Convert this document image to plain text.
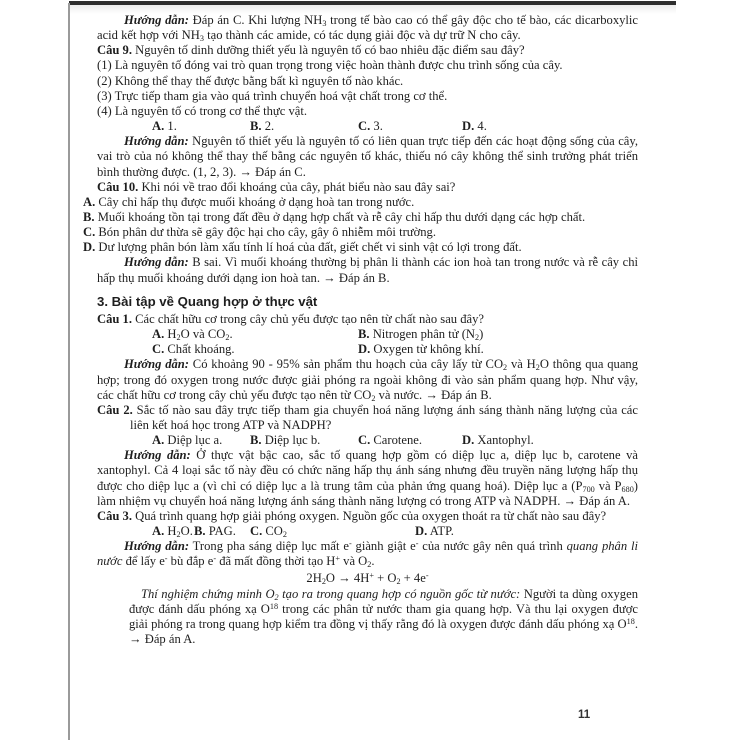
Hướng dẫn: Đáp án C. Khi lượng $NH_3$ trong tế bào cao có thể gây độc cho tế bào, các dicarboxylic acid kết hợp với $NH_3$ tạo thành các amide, có tác dụng giải độc và dự trữ N cho cây.
Câu 9. Nguyên tố dinh dưỡng thiết yếu là nguyên tố có bao nhiêu đặc điểm sau đây?
(1) Là nguyên tố đóng vai trò quan trọng trong việc hoàn thành được chu trình sống của cây.
(2) Không thể thay thế được bằng bất kì nguyên tố nào khác.
(3) Trực tiếp tham gia vào quá trình chuyển hoá vật chất trong cơ thể.
(4) Là nguyên tố có trong cơ thể thực vật.
A. 1.	B. 2.	C. 3.	D. 4.
Hướng dẫn: Nguyên tố thiết yếu là nguyên tố có liên quan trực tiếp đến các hoạt động sống của cây, vai trò của nó không thể thay thế bằng các nguyên tố khác, thiếu nó cây không thể sinh trưởng phát triển bình thường được. (1, 2, 3). → Đáp án C.
Câu 10. Khi nói về trao đổi khoáng của cây, phát biểu nào sau đây sai?
A. Cây chỉ hấp thụ được muối khoáng ở dạng hoà tan trong nước.
B. Muối khoáng tồn tại trong đất đều ở dạng hợp chất và rễ cây chỉ hấp thu dưới dạng các hợp chất.
C. Bón phân dư thừa sẽ gây độc hại cho cây, gây ô nhiễm môi trường.
D. Dư lượng phân bón làm xấu tính lí hoá của đất, giết chết vi sinh vật có lợi trong đất.
Hướng dẫn: B sai. Vì muối khoáng thường bị phân li thành các ion hoà tan trong nước và rễ cây chỉ hấp thụ muối khoáng dưới dạng ion hoà tan. → Đáp án B.
3. Bài tập về Quang hợp ở thực vật
Câu 1. Các chất hữu cơ trong cây chủ yếu được tạo nên từ chất nào sau đây?
A. $H_2O$ và $CO_2$.	B. Nitrogen phân tử $(N_2)$
C. Chất khoáng.	D. Oxygen từ không khí.
Hướng dẫn: Có khoảng 90 - 95% sản phẩm thu hoạch của cây lấy từ $CO_2$ và $H_2O$ thông qua quang hợp; trong đó oxygen trong nước được giải phóng ra ngoài không đi vào sản phẩm quang hợp. Như vậy, các chất hữu cơ trong cây chủ yếu được tạo nên từ $CO_2$ và nước. → Đáp án B.
Câu 2. Sắc tố nào sau đây trực tiếp tham gia chuyển hoá năng lượng ánh sáng thành năng lượng của các liên kết hoá học trong ATP và NADPH?
A. Diệp lục a. B. Diệp lục b.	C. Carotene.	D. Xantophyl.
Hướng dẫn: Ở thực vật bậc cao, sắc tố quang hợp gồm có diệp lục a, diệp lục b, carotene và xantophyl. Cả 4 loại sắc tố này đều có chức năng hấp thụ ánh sáng nhưng đều truyền năng lượng hấp thụ được cho diệp lục a (vì chỉ có diệp lục a là trung tâm của phản ứng quang hoá). Diệp lục a ($P_{700}$ và $P_{680}$) làm nhiệm vụ chuyển hoá năng lượng ánh sáng thành năng lượng có trong ATP và NADPH. → Đáp án A.
Câu 3. Quá trình quang hợp giải phóng oxygen. Nguồn gốc của oxygen thoát ra từ chất nào sau đây?
A. $H_2O$. B. PAG. C. $CO_2$	D. ATP.
Hướng dẫn: Trong pha sáng diệp lục mất e- giành giật e- của nước gây nên quá trình quang phân li nước để lấy e- bù đắp e- đã mất đồng thời tạo H+ và $O_2$.
$2H_2O \to 4H^+ + O_2 + 4e^-$
Thí nghiệm chứng minh $O_2$ tạo ra trong quang hợp có nguồn gốc từ nước: Người ta dùng oxygen được đánh dấu phóng xạ $O^{18}$ trong các phân tử nước tham gia quang hợp. Và thu lại oxygen được giải phóng ra trong quang hợp kiểm tra đồng vị thấy rằng đó là oxygen được đánh dấu phóng xạ $O^{18}$. → Đáp án A.
11
